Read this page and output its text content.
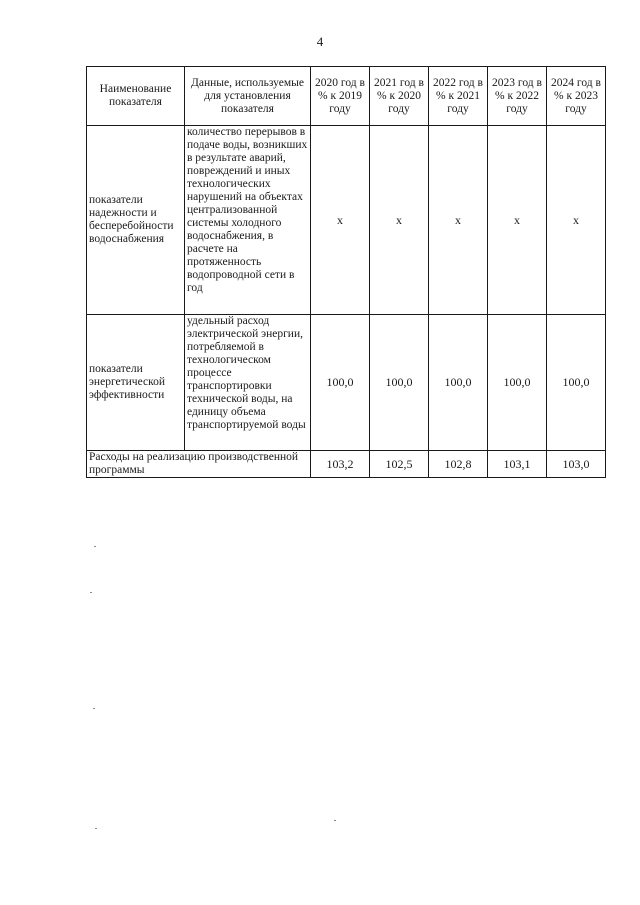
4
Наименование показателя	Данные, используемые для установления показателя	2020 год в % к 2019 году	2021 год в % к 2020 году	2022 год в % к 2021 году	2023 год в % к 2022 году	2024 год в % к 2023 году
показатели надежности и бесперебойности водоснабжения	количество перерывов в подаче воды, возникших в результате аварий, повреждений и иных технологических нарушений на объектах централизованной системы холодного водоснабжения, в расчете на протяженность водопроводной сети в год	x	x	x	x	x
показатели энергетической эффективности	удельный расход электрической энергии, потребляемой в технологическом процессе транспортировки технической воды, на единицу объема транспортируемой воды	100,0	100,0	100,0	100,0	100,0
Расходы на реализацию производственной программы		103,2	102,5	102,8	103,1	103,0
